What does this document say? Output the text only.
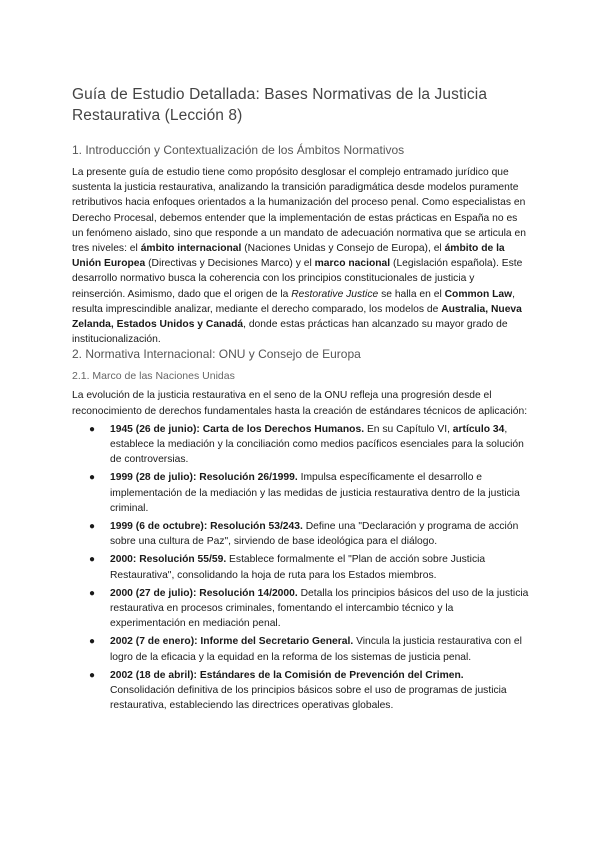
Guía de Estudio Detallada: Bases Normativas de la Justicia Restaurativa (Lección 8)
1. Introducción y Contextualización de los Ámbitos Normativos

La presente guía de estudio tiene como propósito desglosar el complejo entramado jurídico que sustenta la justicia restaurativa, analizando la transición paradigmática desde modelos puramente retributivos hacia enfoques orientados a la humanización del proceso penal. Como especialistas en Derecho Procesal, debemos entender que la implementación de estas prácticas en España no es un fenómeno aislado, sino que responde a un mandato de adecuación normativa que se articula en tres niveles: el ámbito internacional (Naciones Unidas y Consejo de Europa), el ámbito de la Unión Europea (Directivas y Decisiones Marco) y el marco nacional (Legislación española). Este desarrollo normativo busca la coherencia con los principios constitucionales de justicia y reinserción. Asimismo, dado que el origen de la Restorative Justice se halla en el Common Law, resulta imprescindible analizar, mediante el derecho comparado, los modelos de Australia, Nueva Zelanda, Estados Unidos y Canadá, donde estas prácticas han alcanzado su mayor grado de institucionalización.

2. Normativa Internacional: ONU y Consejo de Europa
2.1. Marco de las Naciones Unidas

La evolución de la justicia restaurativa en el seno de la ONU refleja una progresión desde el reconocimiento de derechos fundamentales hasta la creación de estándares técnicos de aplicación:

● 1945 (26 de junio): Carta de los Derechos Humanos. En su Capítulo VI, artículo 34, establece la mediación y la conciliación como medios pacíficos esenciales para la solución de controversias.
● 1999 (28 de julio): Resolución 26/1999. Impulsa específicamente el desarrollo e implementación de la mediación y las medidas de justicia restaurativa dentro de la justicia criminal.
● 1999 (6 de octubre): Resolución 53/243. Define una "Declaración y programa de acción sobre una cultura de Paz", sirviendo de base ideológica para el diálogo.
● 2000: Resolución 55/59. Establece formalmente el "Plan de acción sobre Justicia Restaurativa", consolidando la hoja de ruta para los Estados miembros.
● 2000 (27 de julio): Resolución 14/2000. Detalla los principios básicos del uso de la justicia restaurativa en procesos criminales, fomentando el intercambio técnico y la experimentación en mediación penal.
● 2002 (7 de enero): Informe del Secretario General. Vincula la justicia restaurativa con el logro de la eficacia y la equidad en la reforma de los sistemas de justicia penal.
● 2002 (18 de abril): Estándares de la Comisión de Prevención del Crimen. Consolidación definitiva de los principios básicos sobre el uso de programas de justicia restaurativa, estableciendo las directrices operativas globales.
